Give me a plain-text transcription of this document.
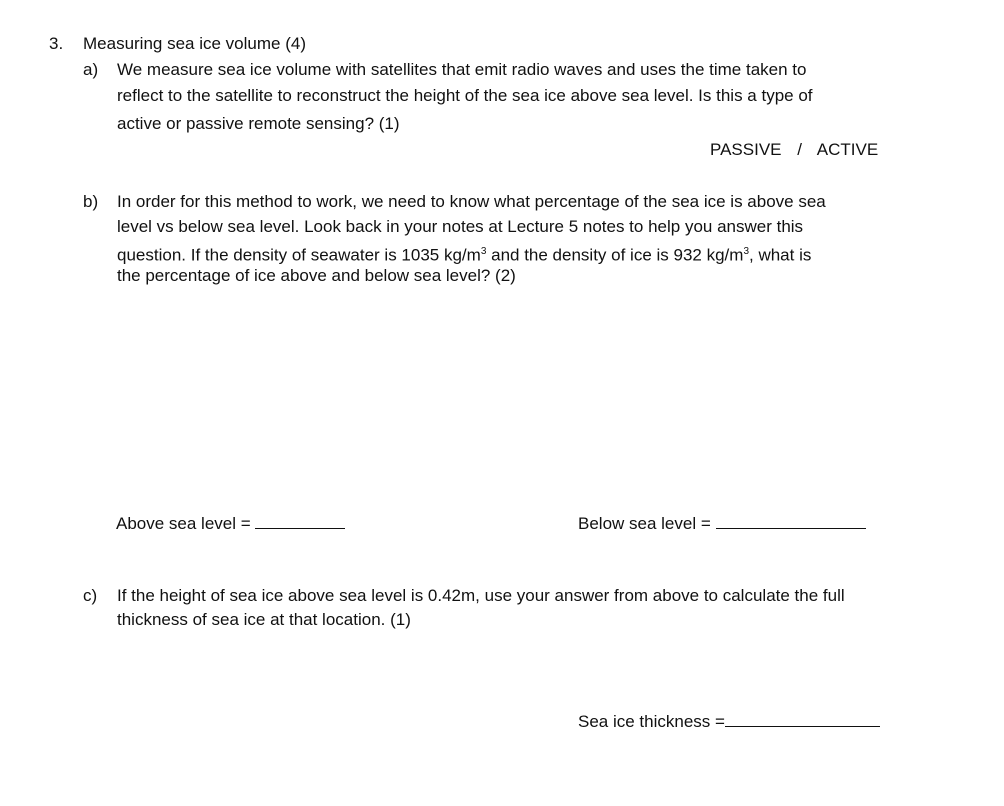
3. Measuring sea ice volume (4)
a) We measure sea ice volume with satellites that emit radio waves and uses the time taken to
reflect to the satellite to reconstruct the height of the sea ice above sea level. Is this a type of
active or passive remote sensing? (1)
PASSIVE / ACTIVE
b) In order for this method to work, we need to know what percentage of the sea ice is above sea
level vs below sea level. Look back in your notes at Lecture 5 notes to help you answer this
question. If the density of seawater is 1035 $kg/m^3$ and the density of ice is 932 $kg/m^3$, what is
the percentage of ice above and below sea level? (2)
Above sea level =	Below sea level =
c) If the height of sea ice above sea level is 0.42m, use your answer from above to calculate the full
thickness of sea ice at that location. (1)
Sea ice thickness =
